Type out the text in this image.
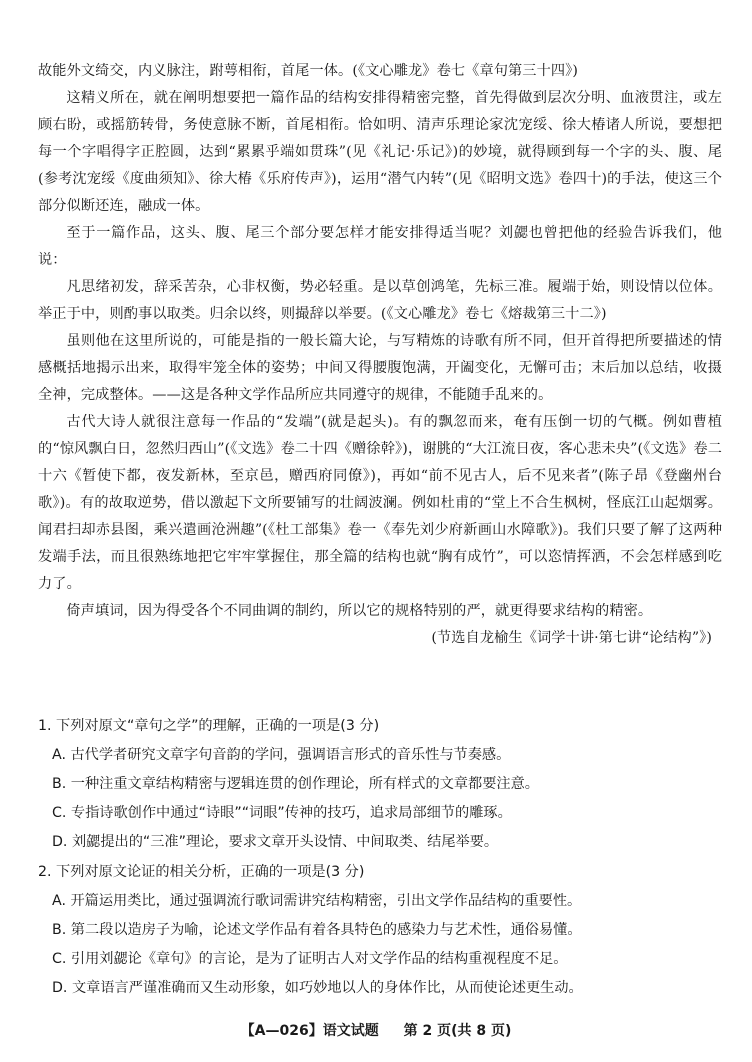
故能外文绮交，内义脉注，跗萼相衔，首尾一体。(《文心雕龙》卷七《章句第三十四》)

这精义所在，就在阐明想要把一篇作品的结构安排得精密完整，首先得做到层次分明、血液贯注，或左顾右盼，或摇筋转骨，务使意脉不断，首尾相衔。恰如明、清声乐理论家沈宠绥、徐大椿诸人所说，要想把每一个字唱得字正腔圆，达到“累累乎端如贯珠”(见《礼记·乐记》)的妙境，就得顾到每一个字的头、腹、尾(参考沈宠绥《度曲须知》、徐大椿《乐府传声》)，运用“潜气内转”(见《昭明文选》卷四十)的手法，使这三个部分似断还连，融成一体。

至于一篇作品，这头、腹、尾三个部分要怎样才能安排得适当呢？刘勰也曾把他的经验告诉我们，他说：

凡思绪初发，辞采苦杂，心非权衡，势必轻重。是以草创鸿笔，先标三准。履端于始，则设情以位体。举正于中，则酌事以取类。归余以终，则撮辞以举要。(《文心雕龙》卷七《熔裁第三十二》)

虽则他在这里所说的，可能是指的一般长篇大论，与写精炼的诗歌有所不同，但开首得把所要描述的情感概括地揭示出来，取得牢笼全体的姿势；中间又得腰腹饱满，开阖变化，无懈可击；末后加以总结，收摄全神，完成整体。——这是各种文学作品所应共同遵守的规律，不能随手乱来的。

古代大诗人就很注意每一作品的“发端”(就是起头)。有的飘忽而来，奄有压倒一切的气概。例如曹植的“惊风飘白日，忽然归西山”(《文选》卷二十四《赠徐幹》)，谢朓的“大江流日夜，客心悲未央”(《文选》卷二十六《暂使下都，夜发新林，至京邑，赠西府同僚》)，再如“前不见古人，后不见来者”(陈子昂《登幽州台歌》)。有的故取逆势，借以激起下文所要铺写的壮阔波澜。例如杜甫的“堂上不合生枫树，怪底江山起烟雾。闻君扫却赤县图，乘兴遣画沧洲趣”(《杜工部集》卷一《奉先刘少府新画山水障歌》)。我们只要了解了这两种发端手法，而且很熟练地把它牢牢掌握住，那全篇的结构也就“胸有成竹”，可以恣情挥洒，不会怎样感到吃力了。

倚声填词，因为得受各个不同曲调的制约，所以它的规格特别的严，就更得要求结构的精密。

(节选自龙榆生《词学十讲·第七讲“论结构”》)

1. 下列对原文“章句之学”的理解，正确的一项是(3 分)
A. 古代学者研究文章字句音韵的学问，强调语言形式的音乐性与节奏感。
B. 一种注重文章结构精密与逻辑连贯的创作理论，所有样式的文章都要注意。
C. 专指诗歌创作中通过“诗眼”“词眼”传神的技巧，追求局部细节的雕琢。
D. 刘勰提出的“三准”理论，要求文章开头设情、中间取类、结尾举要。
2. 下列对原文论证的相关分析，正确的一项是(3 分)
A. 开篇运用类比，通过强调流行歌词需讲究结构精密，引出文学作品结构的重要性。
B. 第二段以造房子为喻，论述文学作品有着各具特色的感染力与艺术性，通俗易懂。
C. 引用刘勰论《章句》的言论，是为了证明古人对文学作品的结构重视程度不足。
D. 文章语言严谨准确而又生动形象，如巧妙地以人的身体作比，从而使论述更生动。
【A—026】语文试题 第 2 页(共 8 页)
